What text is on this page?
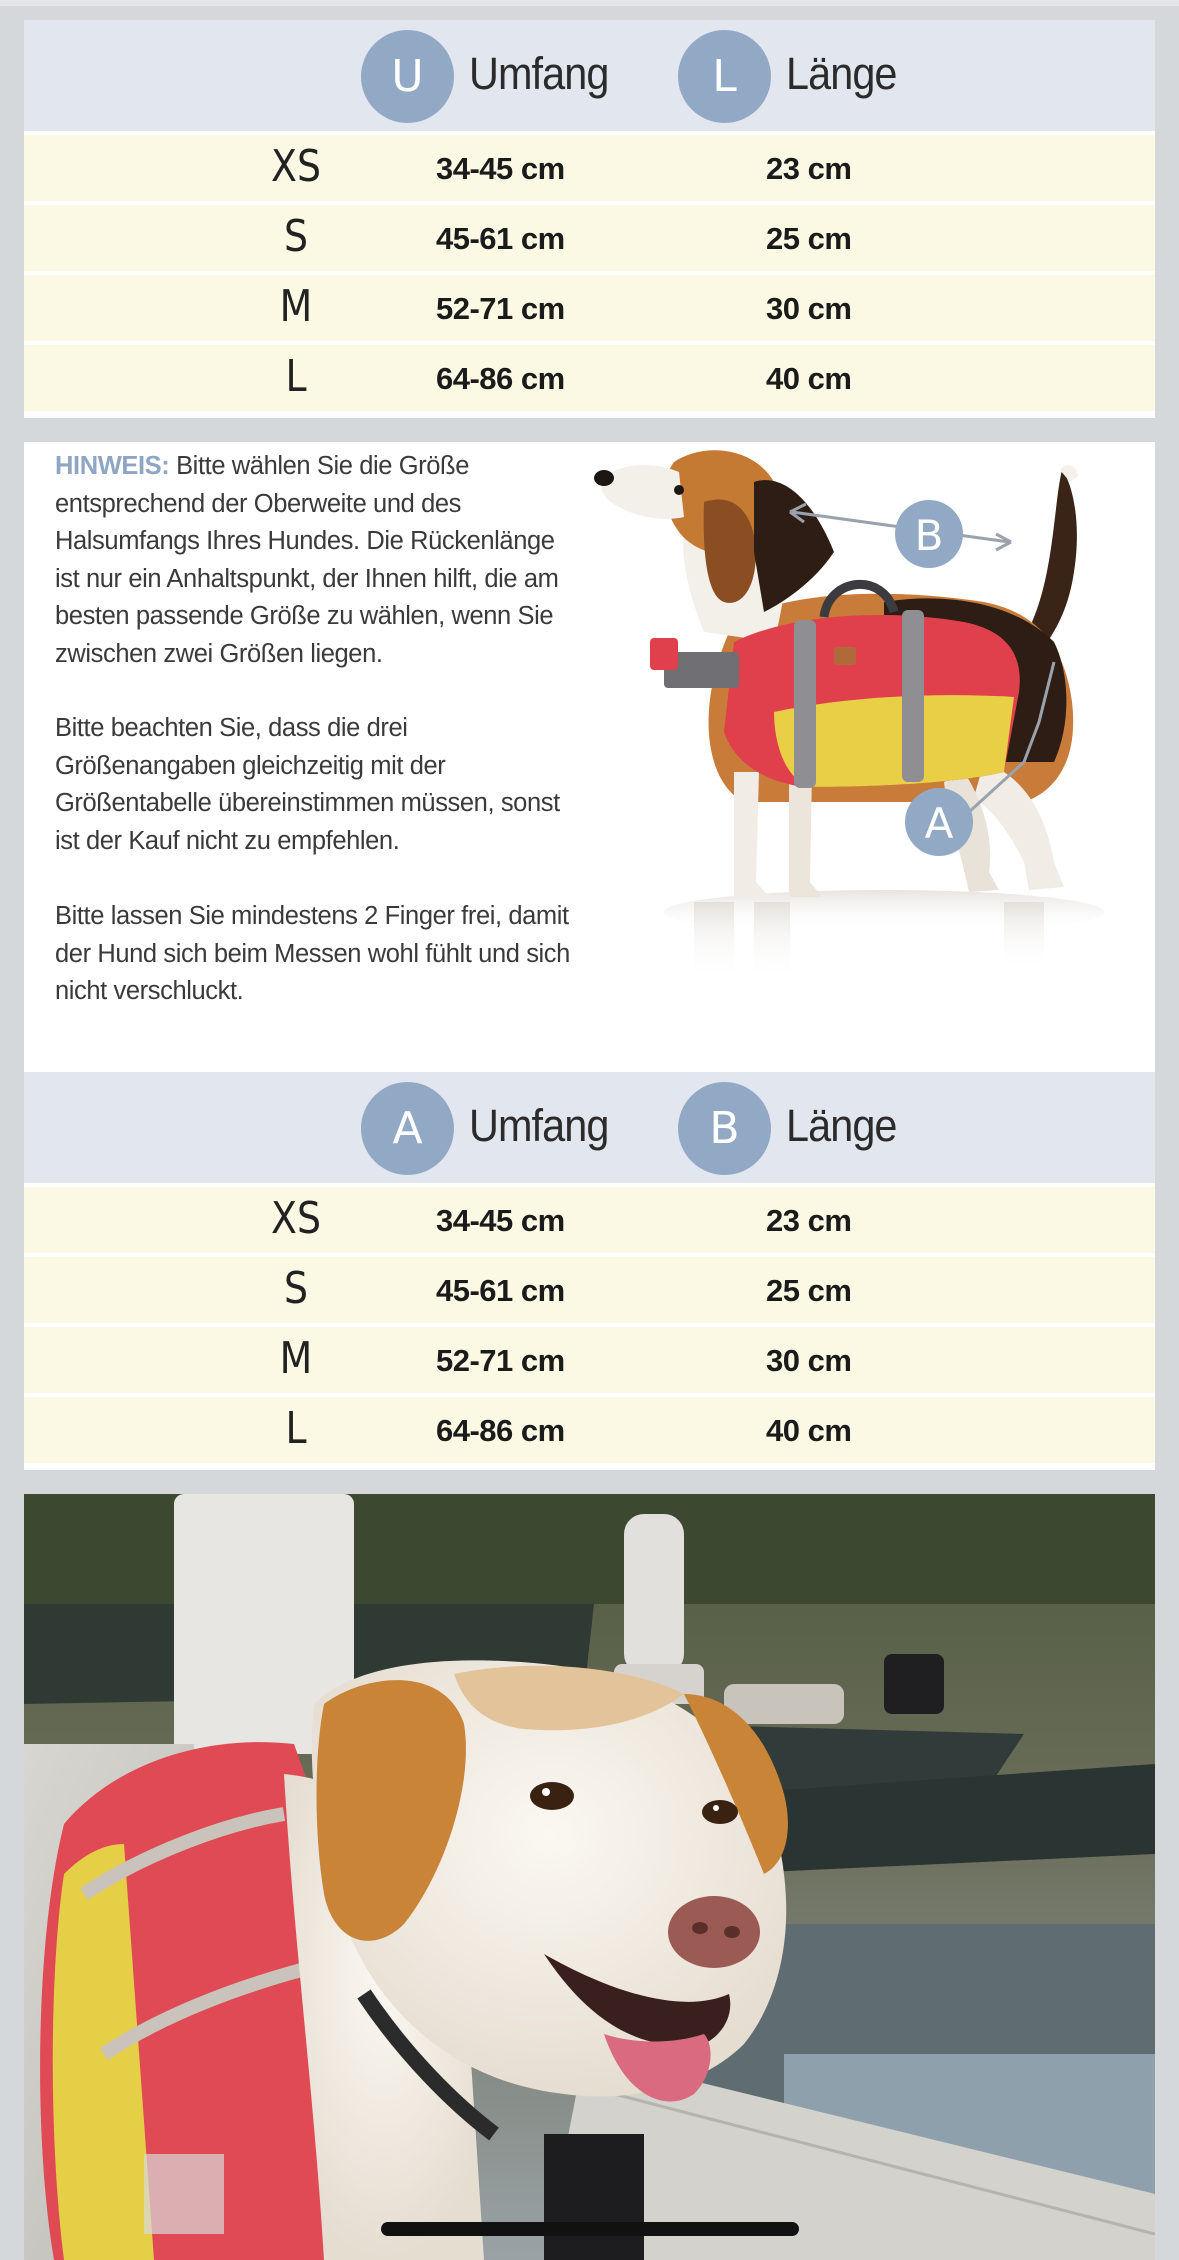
U	Umfang	L	Länge
XS	34-45 cm	23 cm
S	45-61 cm	25 cm
M	52-71 cm	30 cm
L	64-86 cm	40 cm
HINWEIS: Bitte wählen Sie die Größe entsprechend der Oberweite und des Halsumfangs Ihres Hundes. Die Rückenlänge ist nur ein Anhaltspunkt, der Ihnen hilft, die am besten passende Größe zu wählen, wenn Sie zwischen zwei Größen liegen.
Bitte beachten Sie, dass die drei Größenangaben gleichzeitig mit der Größentabelle übereinstimmen müssen, sonst ist der Kauf nicht zu empfehlen.
Bitte lassen Sie mindestens 2 Finger frei, damit der Hund sich beim Messen wohl fühlt und sich nicht verschluckt.
B
A
A	Umfang	B	Länge
XS	34-45 cm	23 cm
S	45-61 cm	25 cm
M	52-71 cm	30 cm
L	64-86 cm	40 cm
